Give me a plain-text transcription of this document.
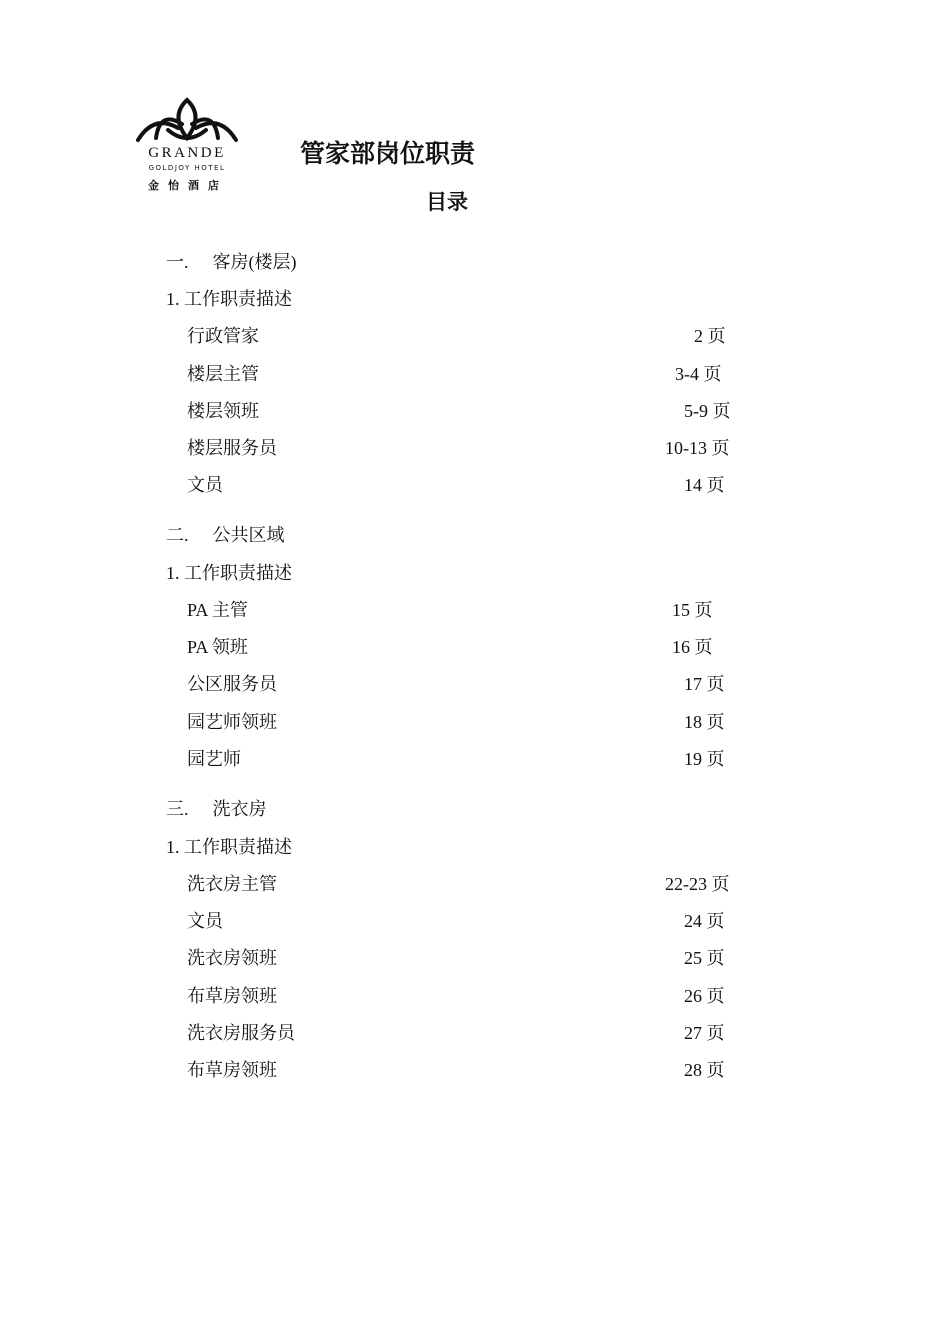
GRANDE
GOLDJOY HOTEL
金怡酒店
管家部岗位职责
目录
一. 客房(楼层)
1. 工作职责描述
行政管家	2 页
楼层主管	3-4 页
楼层领班	5-9 页
楼层服务员	10-13 页
文员	14 页
二. 公共区域
1. 工作职责描述
PA 主管	15 页
PA 领班	16 页
公区服务员	17 页
园艺师领班	18 页
园艺师	19 页
三. 洗衣房
1. 工作职责描述
洗衣房主管	22-23 页
文员	24 页
洗衣房领班	25 页
布草房领班	26 页
洗衣房服务员	27 页
布草房领班	28 页
